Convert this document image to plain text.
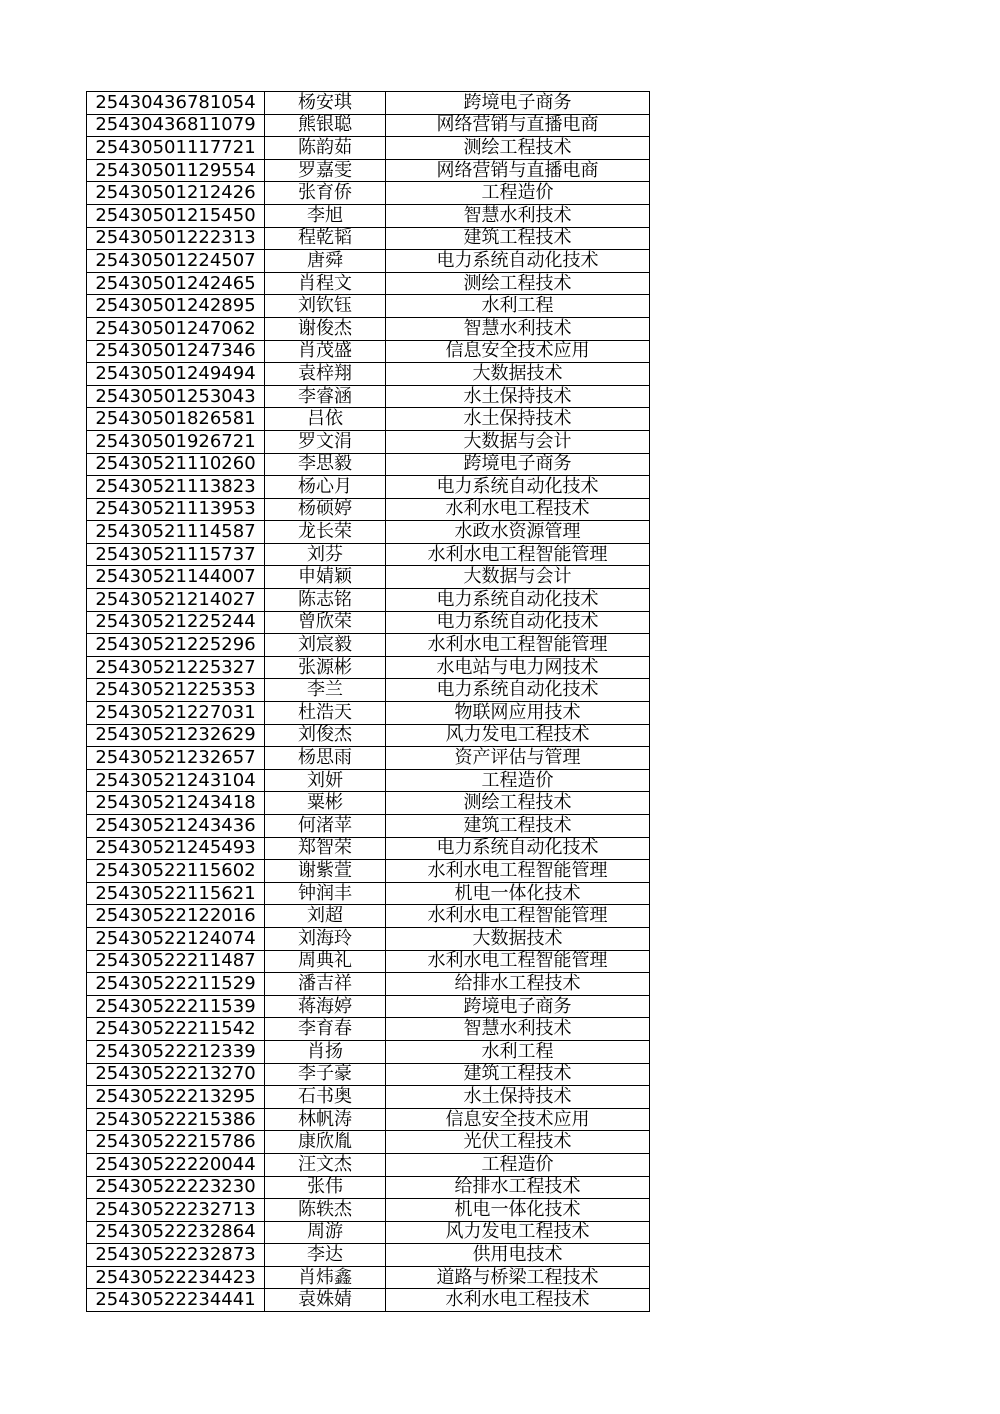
25430436781054	杨安琪	跨境电子商务
25430436811079	熊银聪	网络营销与直播电商
25430501117721	陈韵茹	测绘工程技术
25430501129554	罗嘉雯	网络营销与直播电商
25430501212426	张育侨	工程造价
25430501215450	李旭	智慧水利技术
25430501222313	程乾韬	建筑工程技术
25430501224507	唐舜	电力系统自动化技术
25430501242465	肖程文	测绘工程技术
25430501242895	刘钦钰	水利工程
25430501247062	谢俊杰	智慧水利技术
25430501247346	肖茂盛	信息安全技术应用
25430501249494	袁梓翔	大数据技术
25430501253043	李睿涵	水土保持技术
25430501826581	吕依	水土保持技术
25430501926721	罗文涓	大数据与会计
25430521110260	李思毅	跨境电子商务
25430521113823	杨心月	电力系统自动化技术
25430521113953	杨硕婷	水利水电工程技术
25430521114587	龙长荣	水政水资源管理
25430521115737	刘芬	水利水电工程智能管理
25430521144007	申婧颖	大数据与会计
25430521214027	陈志铭	电力系统自动化技术
25430521225244	曾欣荣	电力系统自动化技术
25430521225296	刘宸毅	水利水电工程智能管理
25430521225327	张源彬	水电站与电力网技术
25430521225353	李兰	电力系统自动化技术
25430521227031	杜浩天	物联网应用技术
25430521232629	刘俊杰	风力发电工程技术
25430521232657	杨思雨	资产评估与管理
25430521243104	刘妍	工程造价
25430521243418	粟彬	测绘工程技术
25430521243436	何渚苹	建筑工程技术
25430521245493	郑智荣	电力系统自动化技术
25430522115602	谢紫萱	水利水电工程智能管理
25430522115621	钟润丰	机电一体化技术
25430522122016	刘超	水利水电工程智能管理
25430522124074	刘海玲	大数据技术
25430522211487	周典礼	水利水电工程智能管理
25430522211529	潘吉祥	给排水工程技术
25430522211539	蒋海婷	跨境电子商务
25430522211542	李育春	智慧水利技术
25430522212339	肖扬	水利工程
25430522213270	李子豪	建筑工程技术
25430522213295	石书奥	水土保持技术
25430522215386	林帆涛	信息安全技术应用
25430522215786	康欣胤	光伏工程技术
25430522220044	汪文杰	工程造价
25430522223230	张伟	给排水工程技术
25430522232713	陈轶杰	机电一体化技术
25430522232864	周游	风力发电工程技术
25430522232873	李达	供用电技术
25430522234423	肖炜鑫	道路与桥梁工程技术
25430522234441	袁姝婧	水利水电工程技术
